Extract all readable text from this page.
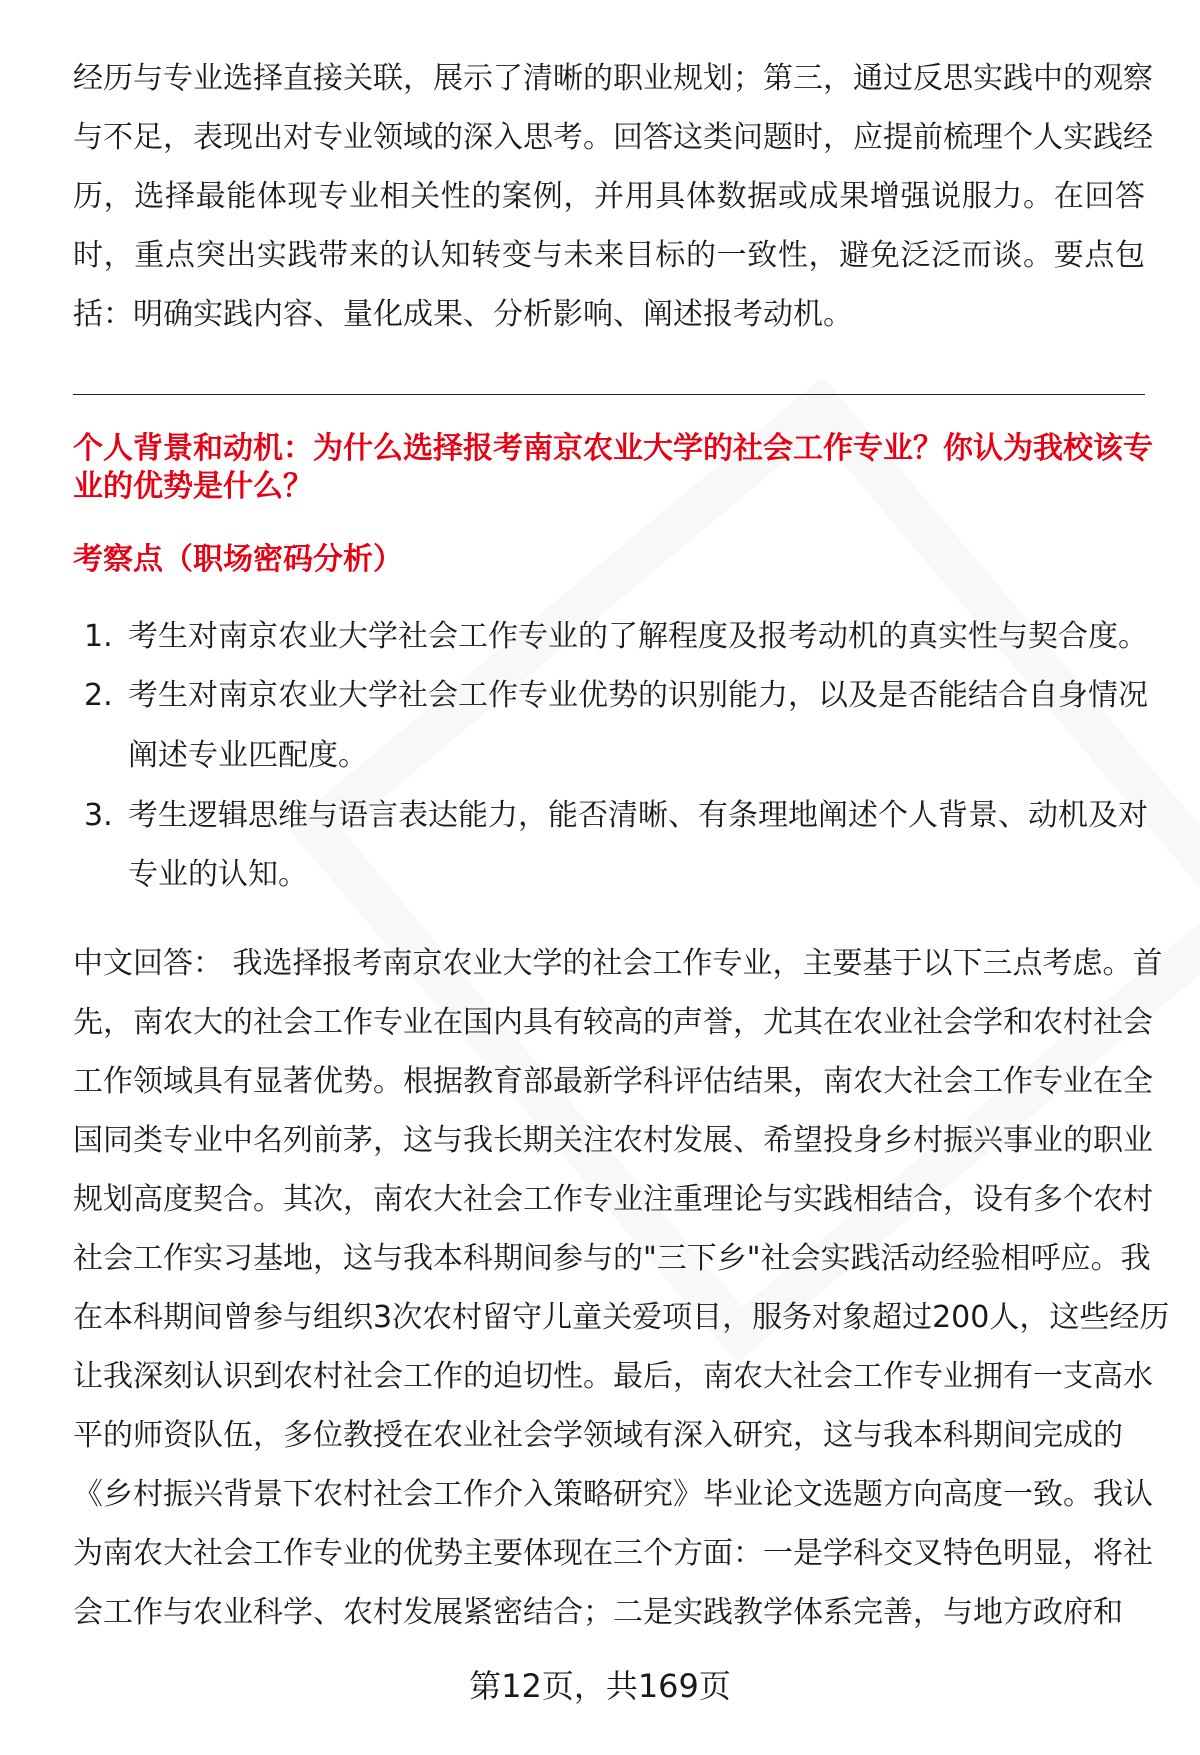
经历与专业选择直接关联，展示了清晰的职业规划；第三，通过反思实践中的观察
与不足，表现出对专业领域的深入思考。回答这类问题时，应提前梳理个人实践经
历，选择最能体现专业相关性的案例，并用具体数据或成果增强说服力。在回答
时，重点突出实践带来的认知转变与未来目标的一致性，避免泛泛而谈。要点包
括：明确实践内容、量化成果、分析影响、阐述报考动机。
个人背景和动机：为什么选择报考南京农业大学的社会工作专业？你认为我校该专
业的优势是什么？
考察点（职场密码分析）
1. 考生对南京农业大学社会工作专业的了解程度及报考动机的真实性与契合度。
2. 考生对南京农业大学社会工作专业优势的识别能力，以及是否能结合自身情况
阐述专业匹配度。
3. 考生逻辑思维与语言表达能力，能否清晰、有条理地阐述个人背景、动机及对
专业的认知。
中文回答： 我选择报考南京农业大学的社会工作专业，主要基于以下三点考虑。首
先，南农大的社会工作专业在国内具有较高的声誉，尤其在农业社会学和农村社会
工作领域具有显著优势。根据教育部最新学科评估结果，南农大社会工作专业在全
国同类专业中名列前茅，这与我长期关注农村发展、希望投身乡村振兴事业的职业
规划高度契合。其次，南农大社会工作专业注重理论与实践相结合，设有多个农村
社会工作实习基地，这与我本科期间参与的"三下乡"社会实践活动经验相呼应。我
在本科期间曾参与组织3次农村留守儿童关爱项目，服务对象超过200人，这些经历
让我深刻认识到农村社会工作的迫切性。最后，南农大社会工作专业拥有一支高水
平的师资队伍，多位教授在农业社会学领域有深入研究，这与我本科期间完成的
《乡村振兴背景下农村社会工作介入策略研究》毕业论文选题方向高度一致。我认
为南农大社会工作专业的优势主要体现在三个方面：一是学科交叉特色明显，将社
会工作与农业科学、农村发展紧密结合；二是实践教学体系完善，与地方政府和
第12页，共169页
